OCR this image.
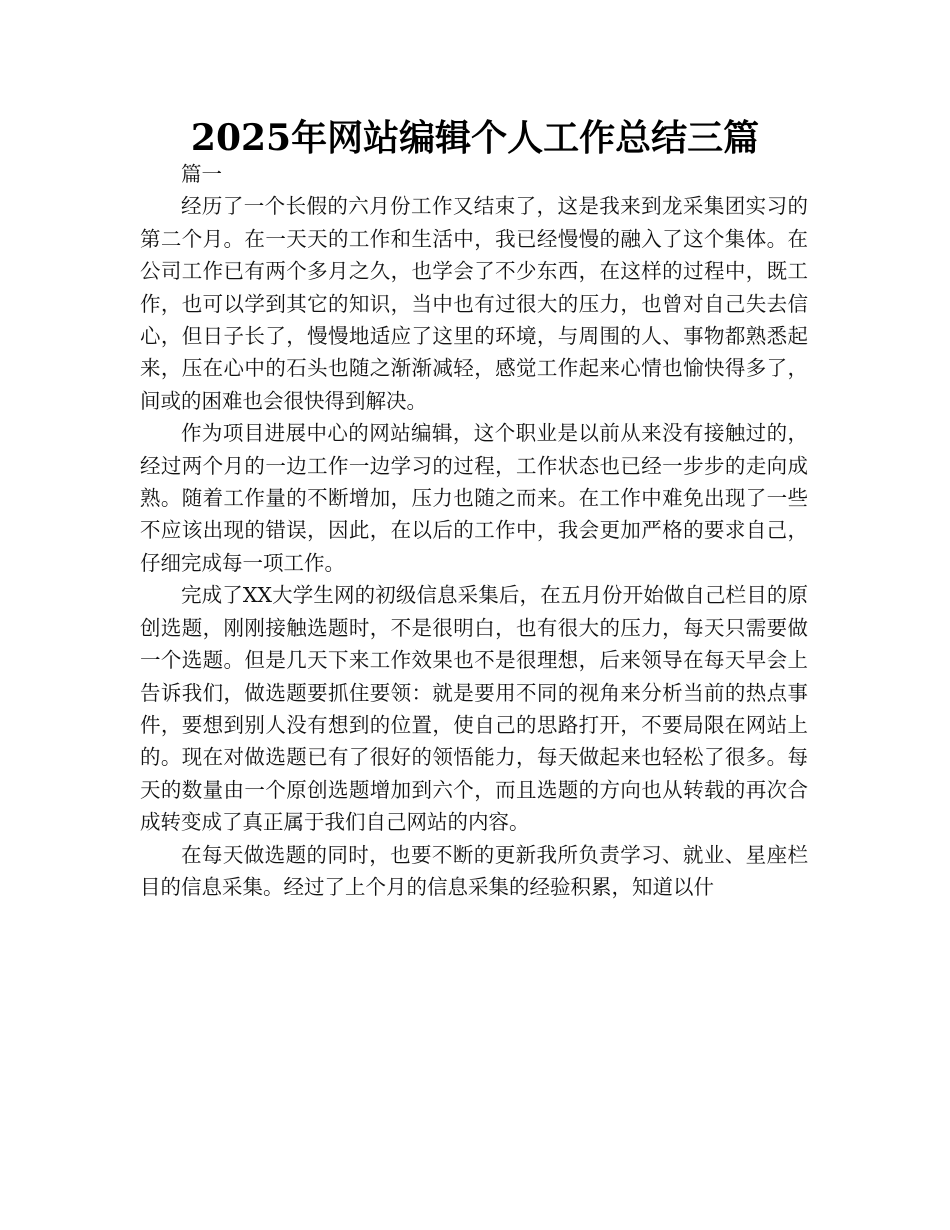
2025年网站编辑个人工作总结三篇

篇一

经历了一个长假的六月份工作又结束了，这是我来到龙采集团实习的第二个月。在一天天的工作和生活中，我已经慢慢的融入了这个集体。在公司工作已有两个多月之久，也学会了不少东西，在这样的过程中，既工作，也可以学到其它的知识，当中也有过很大的压力，也曾对自己失去信心，但日子长了，慢慢地适应了这里的环境，与周围的人、事物都熟悉起来，压在心中的石头也随之渐渐减轻，感觉工作起来心情也愉快得多了，间或的困难也会很快得到解决。

作为项目进展中心的网站编辑，这个职业是以前从来没有接触过的，经过两个月的一边工作一边学习的过程，工作状态也已经一步步的走向成熟。随着工作量的不断增加，压力也随之而来。在工作中难免出现了一些不应该出现的错误，因此，在以后的工作中，我会更加严格的要求自己，仔细完成每一项工作。

完成了XX大学生网的初级信息采集后，在五月份开始做自己栏目的原创选题，刚刚接触选题时，不是很明白，也有很大的压力，每天只需要做一个选题。但是几天下来工作效果也不是很理想，后来领导在每天早会上告诉我们，做选题要抓住要领：就是要用不同的视角来分析当前的热点事件，要想到别人没有想到的位置，使自己的思路打开，不要局限在网站上的。现在对做选题已有了很好的领悟能力，每天做起来也轻松了很多。每天的数量由一个原创选题增加到六个，而且选题的方向也从转载的再次合成转变成了真正属于我们自己网站的内容。

在每天做选题的同时，也要不断的更新我所负责学习、就业、星座栏目的信息采集。经过了上个月的信息采集的经验积累，知道以什
